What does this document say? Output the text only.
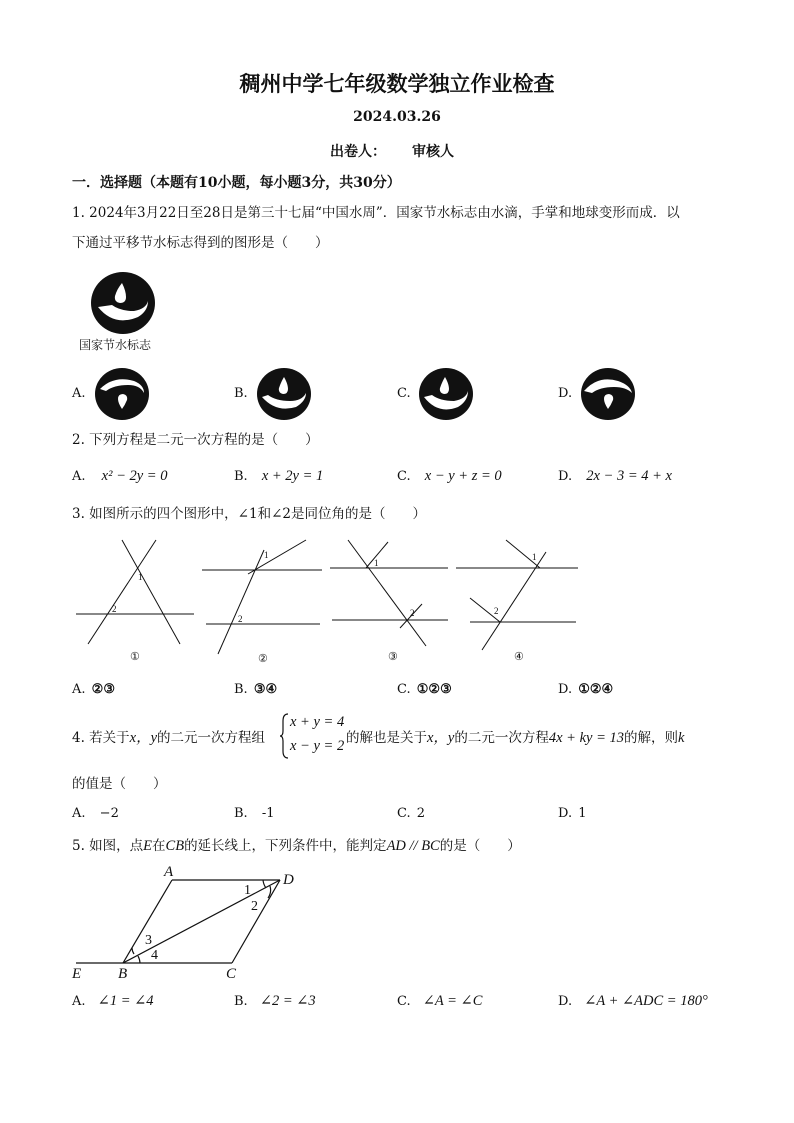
稠州中学七年级数学独立作业检查
2024.03.26
出卷人： 审核人
一．选择题（本题有10小题，每小题3分，共30分）
1. 2024年3月22日至28日是第三十七届“中国水周”．国家节水标志由水滴，手掌和地球变形而成．以
下通过平移节水标志得到的图形是（　　）
国家节水标志
A.	B.	C.	D.
2. 下列方程是二元一次方程的是（　　）
A. x² − 2y = 0	B. x + 2y = 1	C. x − y + z = 0	D. 2x − 3 = 4 + x
3. 如图所示的四个图形中，∠1和∠2是同位角的是（　　）
1
2
1
2
1
2
1
2
①	②	③	④
A. ②③	B. ③④	C. ①②③	D. ①②④
4. 若关于x，y的二元一次方程组
x + y = 4
x − y = 2 的解也是关于x，y的二元一次方程4x + ky = 13的解，则k
的值是（　　）
A. −2	B. -1	C. 2	D. 1
5. 如图，点E在CB的延长线上，下列条件中，能判定AD // BC的是（　　）
A	D
E B	C
1
2
3
4
A. ∠1 = ∠4	B. ∠2 = ∠3	C. ∠A = ∠C	D. ∠A + ∠ADC = 180°
